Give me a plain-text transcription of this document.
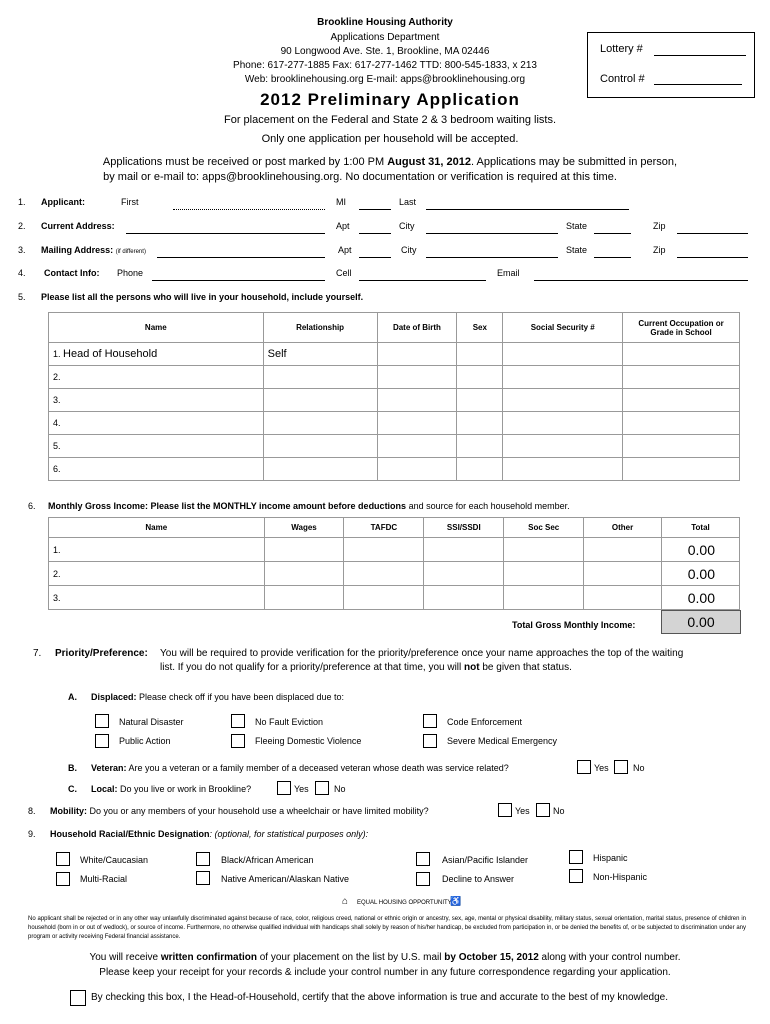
Brookline Housing Authority
Applications Department
90 Longwood Ave. Ste. 1, Brookline, MA 02446
Phone: 617-277-1885 Fax: 617-277-1462 TTD: 800-545-1833, x 213
Web: brooklinehousing.org E-mail: apps@brooklinehousing.org
2012 Preliminary Application
For placement on the Federal and State 2 & 3 bedroom waiting lists.
Only one application per household will be accepted.
Applications must be received or post marked by 1:00 PM August 31, 2012. Applications may be submitted in person,
by mail or e-mail to: apps@brooklinehousing.org. No documentation or verification is required at this time.
Lottery #
Control #
1. Applicant:	First	MI	Last
2. Current Address:	Apt	City	State	Zip
3. Mailing Address: (if different)	Apt	City	State	Zip
4. Contact Info: Phone	Cell	Email
5. Please list all the persons who will live in your household, include yourself.
Name	Relationship	Date of Birth	Sex	Social Security #	Current Occupation or Grade in School
1. Head of Household	Self				
2.					
3.					
4.					
5.					
6.					
6. Monthly Gross Income: Please list the MONTHLY income amount before deductions and source for each household member.
Name	Wages	TAFDC	SSI/SSDI	Soc Sec	Other	Total
1.						0.00
2.						0.00
3.						0.00
Total Gross Monthly Income:	0.00
7. Priority/Preference: You will be required to provide verification for the priority/preference once your name approaches the top of the waiting
list. If you do not qualify for a priority/preference at that time, you will not be given that status.
A. Displaced: Please check off if you have been displaced due to:
Natural Disaster	No Fault Eviction	Code Enforcement
Public Action	Fleeing Domestic Violence	Severe Medical Emergency
B. Veteran: Are you a veteran or a family member of a deceased veteran whose death was service related?	Yes	No
C. Local: Do you live or work in Brookline?	Yes	No
8. Mobility: Do you or any members of your household use a wheelchair or have limited mobility?	Yes	No
9. Household Racial/Ethnic Designation: (optional, for statistical purposes only):
White/Caucasian	Black/African American	Asian/Pacific Islander	Hispanic
Multi-Racial	Native American/Alaskan Native	Decline to Answer	Non-Hispanic
⌂ EQUAL HOUSING OPPORTUNITY
♿
No applicant shall be rejected or in any other way unlawfully discriminated against because of race, color, religious creed, national or ethnic origin or ancestry, sex, age, mental or physical disability, military status, sexual orientation, marital status, presence of children in household (born in or out of wedlock), or source of income. Furthermore, no otherwise qualified individual with handicaps shall solely by reason of his/her handicap, be excluded from participation in, or be denied the benefits of, or be subjected to discrimination under any program or activity receiving Federal financial assistance.
You will receive written confirmation of your placement on the list by U.S. mail by October 15, 2012 along with your control number.
Please keep your receipt for your records & include your control number in any future correspondence regarding your application.
By checking this box, I the Head-of-Household, certify that the above information is true and accurate to the best of my knowledge.
